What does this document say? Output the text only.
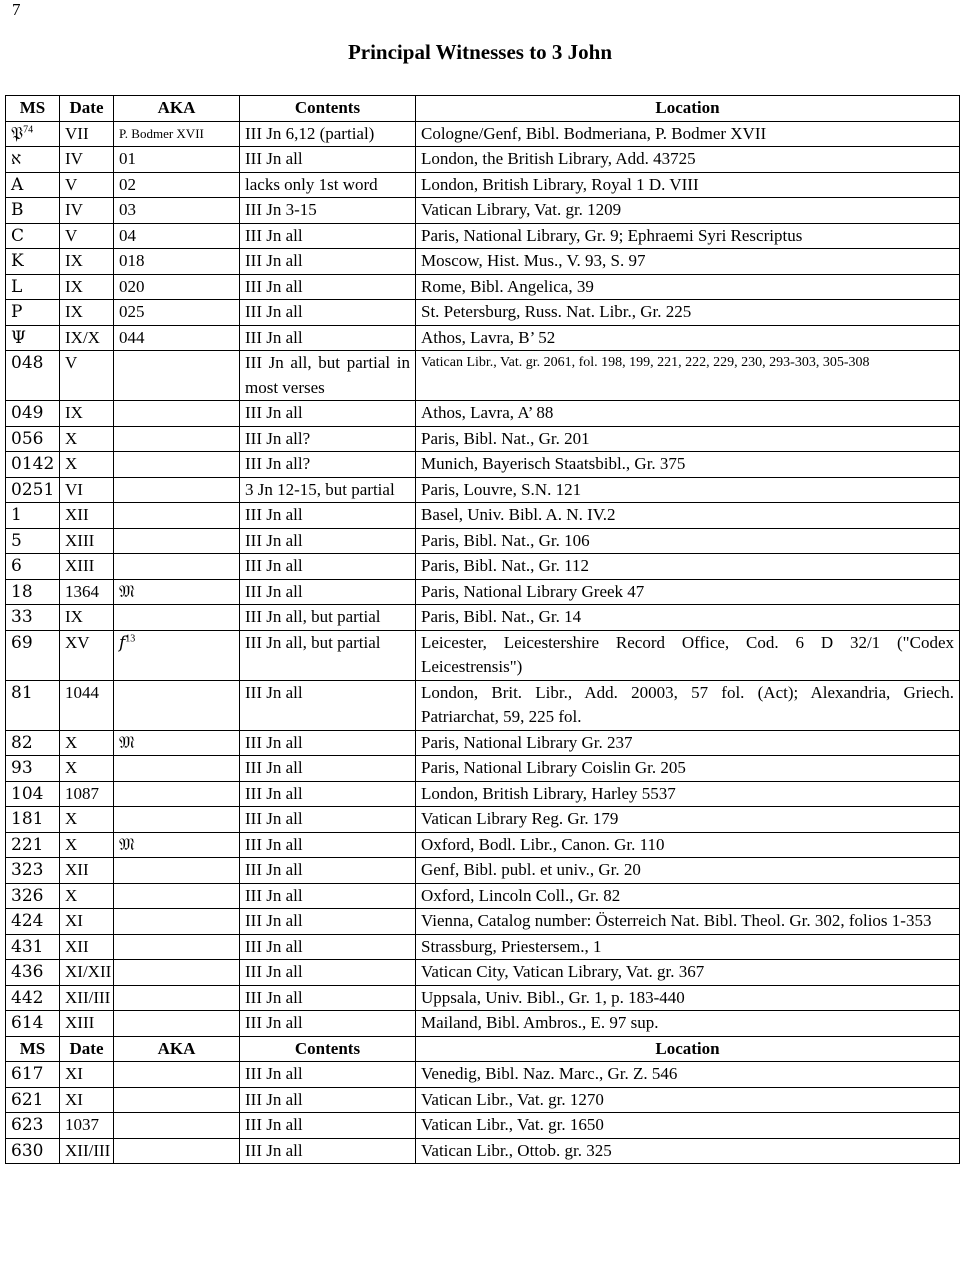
7
Principal Witnesses to 3 John
MS	Date	AKA	Contents	Location
𝔓$^{74}$	VII	P. Bodmer XVII	III Jn 6,12 (partial)	Cologne/Genf, Bibl. Bodmeriana, P. Bodmer XVII
א	IV	01	III Jn all	London, the British Library, Add. 43725
A	V	02	lacks only 1st word	London, British Library, Royal 1 D. VIII
B	IV	03	III Jn 3-15	Vatican Library, Vat. gr. 1209
C	V	04	III Jn all	Paris, National Library, Gr. 9; Ephraemi Syri Rescriptus
K	IX	018	III Jn all	Moscow, Hist. Mus., V. 93, S. 97
L	IX	020	III Jn all	Rome, Bibl. Angelica, 39
P	IX	025	III Jn all	St. Petersburg, Russ. Nat. Libr., Gr. 225
Ψ	IX/X	044	III Jn all	Athos, Lavra, B’ 52
048	V		III Jn all, but partial in most verses	Vatican Libr., Vat. gr. 2061, fol. 198, 199, 221, 222, 229, 230, 293-303, 305-308
049	IX		III Jn all	Athos, Lavra, A’ 88
056	X		III Jn all?	Paris, Bibl. Nat., Gr. 201
0142	X		III Jn all?	Munich, Bayerisch Staatsbibl., Gr. 375
0251	VI		3 Jn 12-15, but partial	Paris, Louvre, S.N. 121
1	XII		III Jn all	Basel, Univ. Bibl. A. N. IV.2
5	XIII		III Jn all	Paris, Bibl. Nat., Gr. 106
6	XIII		III Jn all	Paris, Bibl. Nat., Gr. 112
18	1364	𝔐	III Jn all	Paris, National Library Greek 47
33	IX		III Jn all, but partial	Paris, Bibl. Nat., Gr. 14
69	XV	$f^{13}$	III Jn all, but partial	Leicester, Leicestershire Record Office, Cod. 6 D 32/1 ("Codex Leicestrensis")
81	1044		III Jn all	London, Brit. Libr., Add. 20003, 57 fol. (Act); Alexandria, Griech. Patriarchat, 59, 225 fol.
82	X	𝔐	III Jn all	Paris, National Library Gr. 237
93	X		III Jn all	Paris, National Library Coislin Gr. 205
104	1087		III Jn all	London, British Library, Harley 5537
181	X		III Jn all	Vatican Library Reg. Gr. 179
221	X	𝔐	III Jn all	Oxford, Bodl. Libr., Canon. Gr. 110
323	XII		III Jn all	Genf, Bibl. publ. et univ., Gr. 20
326	X		III Jn all	Oxford, Lincoln Coll., Gr. 82
424	XI		III Jn all	Vienna, Catalog number: Österreich Nat. Bibl. Theol. Gr. 302, folios 1-353
431	XII		III Jn all	Strassburg, Priestersem., 1
436	XI/XII		III Jn all	Vatican City, Vatican Library, Vat. gr. 367
442	XII/III		III Jn all	Uppsala, Univ. Bibl., Gr. 1, p. 183-440
614	XIII		III Jn all	Mailand, Bibl. Ambros., E. 97 sup.
MS	Date	AKA	Contents	Location
617	XI		III Jn all	Venedig, Bibl. Naz. Marc., Gr. Z. 546
621	XI		III Jn all	Vatican Libr., Vat. gr. 1270
623	1037		III Jn all	Vatican Libr., Vat. gr. 1650
630	XII/III		III Jn all	Vatican Libr., Ottob. gr. 325
